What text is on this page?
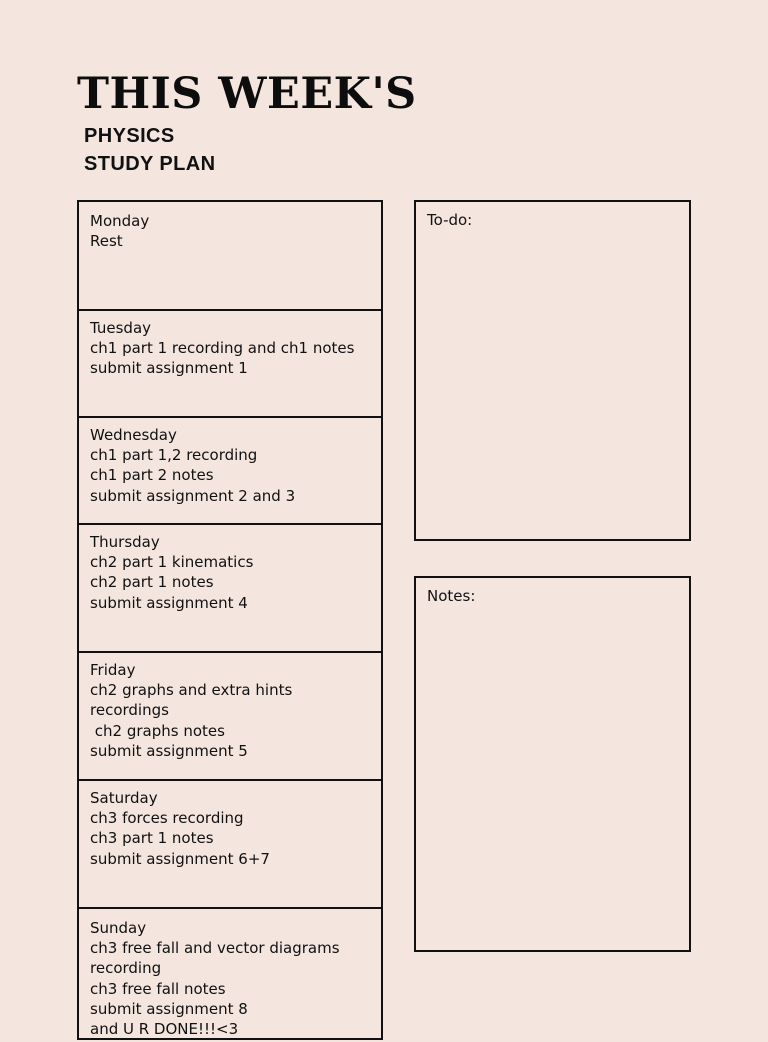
THIS WEEK'S
PHYSICS
STUDY PLAN
Monday
Rest
Tuesday
ch1 part 1 recording and ch1 notes
submit assignment 1
Wednesday
ch1 part 1,2 recording
ch1 part 2 notes
submit assignment 2 and 3
Thursday
ch2 part 1 kinematics
ch2 part 1 notes
submit assignment 4
Friday
ch2 graphs and extra hints
recordings
ch2 graphs notes
submit assignment 5
Saturday
ch3 forces recording
ch3 part 1 notes
submit assignment 6+7
Sunday
ch3 free fall and vector diagrams
recording
ch3 free fall notes
submit assignment 8
and U R DONE!!!<3
To-do:
Notes:
